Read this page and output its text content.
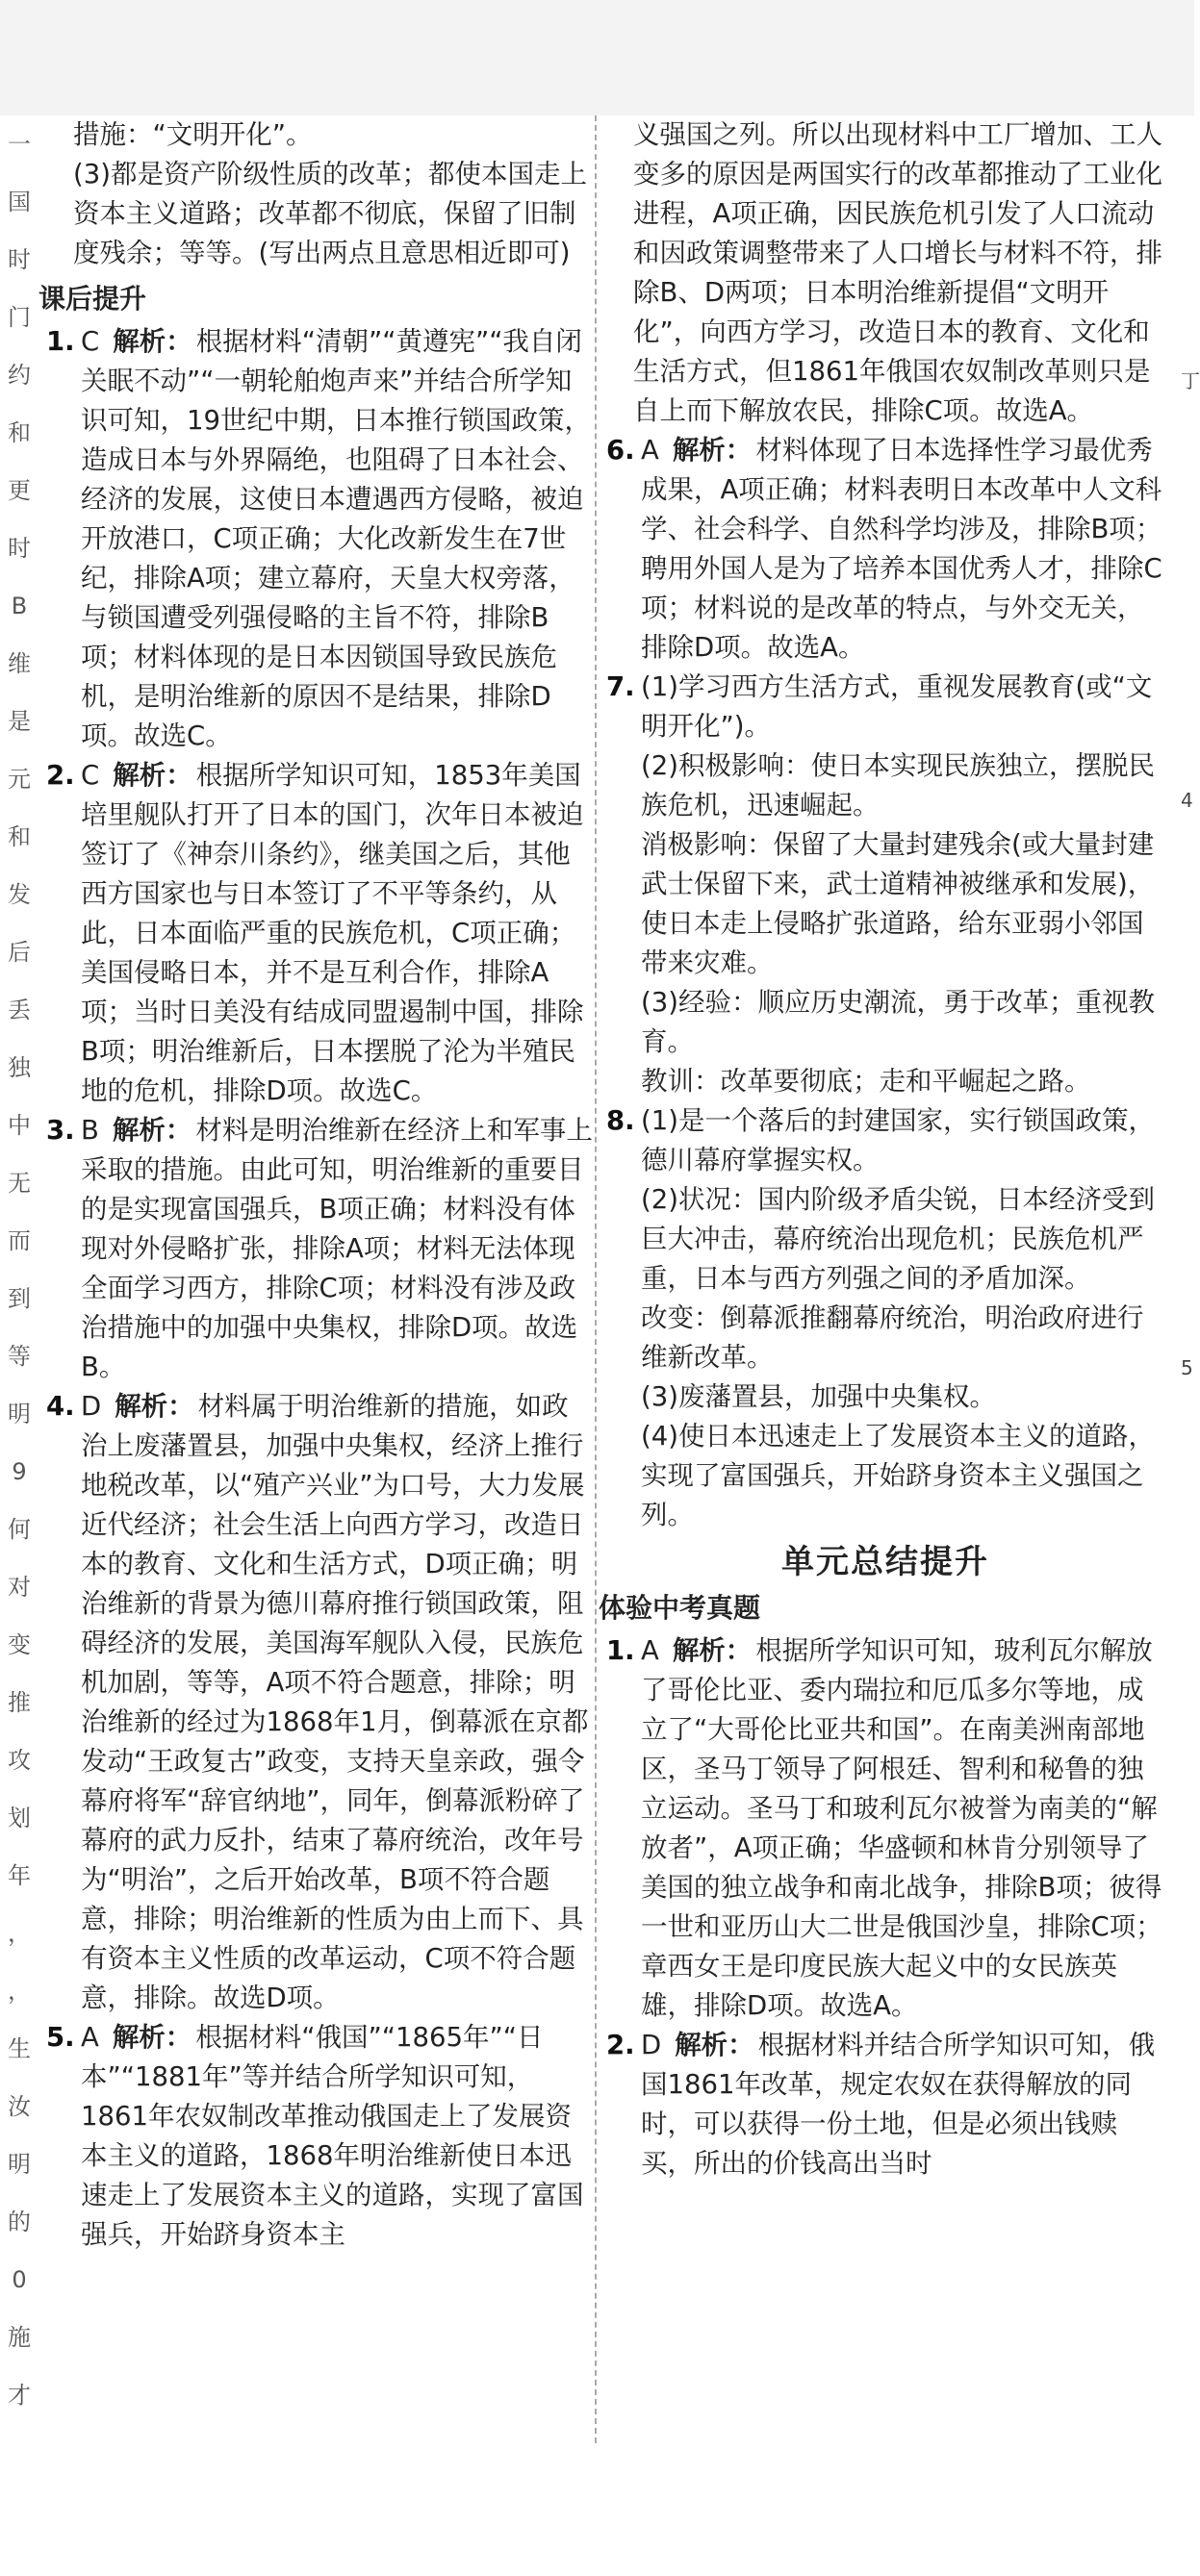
一
国
时
门
约
和
更
时
B
维
是
元
和
发
后
丢
独
中
无
而
到
等
明
9
何
对
变
推
攻
划
年
，
，
生
汝
明
的
0
施
才
丁
4
5

措施：“文明开化”。

(3)都是资产阶级性质的改革；都使本国走上资本主义道路；改革都不彻底，保留了旧制度残余；等等。(写出两点且意思相近即可)

课后提升
1. C 解析： 根据材料“清朝”“黄遵宪”“我自闭关眠不动”“一朝轮舶炮声来”并结合所学知识可知，19世纪中期，日本推行锁国政策，造成日本与外界隔绝，也阻碍了日本社会、经济的发展，这使日本遭遇西方侵略，被迫开放港口，C项正确；大化改新发生在7世纪，排除A项；建立幕府，天皇大权旁落，与锁国遭受列强侵略的主旨不符，排除B项；材料体现的是日本因锁国导致民族危机，是明治维新的原因不是结果，排除D项。故选C。
2. C 解析： 根据所学知识可知，1853年美国培里舰队打开了日本的国门，次年日本被迫签订了《神奈川条约》，继美国之后，其他西方国家也与日本签订了不平等条约，从此，日本面临严重的民族危机，C项正确；美国侵略日本，并不是互利合作，排除A项；当时日美没有结成同盟遏制中国，排除B项；明治维新后，日本摆脱了沦为半殖民地的危机，排除D项。故选C。
3. B 解析： 材料是明治维新在经济上和军事上采取的措施。由此可知，明治维新的重要目的是实现富国强兵，B项正确；材料没有体现对外侵略扩张，排除A项；材料无法体现全面学习西方，排除C项；材料没有涉及政治措施中的加强中央集权，排除D项。故选B。
4. D 解析： 材料属于明治维新的措施，如政治上废藩置县，加强中央集权，经济上推行地税改革，以“殖产兴业”为口号，大力发展近代经济；社会生活上向西方学习，改造日本的教育、文化和生活方式，D项正确；明治维新的背景为德川幕府推行锁国政策，阻碍经济的发展，美国海军舰队入侵，民族危机加剧，等等，A项不符合题意，排除；明治维新的经过为1868年1月，倒幕派在京都发动“王政复古”政变，支持天皇亲政，强令幕府将军“辞官纳地”，同年，倒幕派粉碎了幕府的武力反扑，结束了幕府统治，改年号为“明治”，之后开始改革，B项不符合题意，排除；明治维新的性质为由上而下、具有资本主义性质的改革运动，C项不符合题意，排除。故选D项。
5. A 解析： 根据材料“俄国”“1865年”“日本”“1881年”等并结合所学知识可知，1861年农奴制改革推动俄国走上了发展资本主义的道路，1868年明治维新使日本迅速走上了发展资本主义的道路，实现了富国强兵，开始跻身资本主

义强国之列。所以出现材料中工厂增加、工人变多的原因是两国实行的改革都推动了工业化进程，A项正确，因民族危机引发了人口流动和因政策调整带来了人口增长与材料不符，排除B、D两项；日本明治维新提倡“文明开化”，向西方学习，改造日本的教育、文化和生活方式，但1861年俄国农奴制改革则只是自上而下解放农民，排除C项。故选A。

6. A 解析： 材料体现了日本选择性学习最优秀成果，A项正确；材料表明日本改革中人文科学、社会科学、自然科学均涉及，排除B项；聘用外国人是为了培养本国优秀人才，排除C项；材料说的是改革的特点，与外交无关，排除D项。故选A。
7. (1)学习西方生活方式，重视发展教育(或“文明开化”)。

(2)积极影响：使日本实现民族独立，摆脱民族危机，迅速崛起。

消极影响：保留了大量封建残余(或大量封建武士保留下来，武士道精神被继承和发展)，使日本走上侵略扩张道路，给东亚弱小邻国带来灾难。

(3)经验：顺应历史潮流，勇于改革；重视教育。

教训：改革要彻底；走和平崛起之路。

8. (1)是一个落后的封建国家，实行锁国政策，德川幕府掌握实权。

(2)状况：国内阶级矛盾尖锐，日本经济受到巨大冲击，幕府统治出现危机；民族危机严重，日本与西方列强之间的矛盾加深。

改变：倒幕派推翻幕府统治，明治政府进行维新改革。

(3)废藩置县，加强中央集权。

(4)使日本迅速走上了发展资本主义的道路，实现了富国强兵，开始跻身资本主义强国之列。

单元总结提升
体验中考真题
1. A 解析： 根据所学知识可知，玻利瓦尔解放了哥伦比亚、委内瑞拉和厄瓜多尔等地，成立了“大哥伦比亚共和国”。在南美洲南部地区，圣马丁领导了阿根廷、智利和秘鲁的独立运动。圣马丁和玻利瓦尔被誉为南美的“解放者”，A项正确；华盛顿和林肯分别领导了美国的独立战争和南北战争，排除B项；彼得一世和亚历山大二世是俄国沙皇，排除C项；章西女王是印度民族大起义中的女民族英雄，排除D项。故选A。
2. D 解析： 根据材料并结合所学知识可知，俄国1861年改革，规定农奴在获得解放的同时，可以获得一份土地，但是必须出钱赎买，所出的价钱高出当时
